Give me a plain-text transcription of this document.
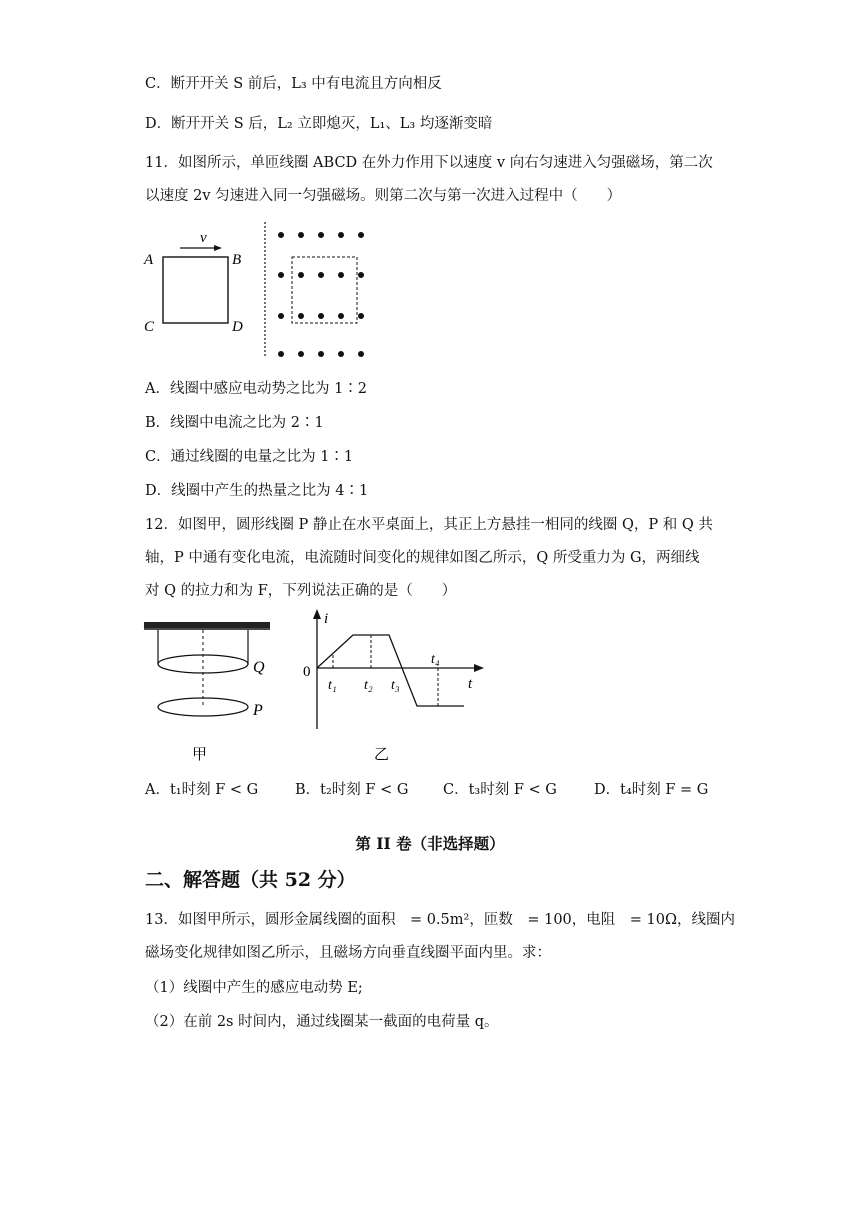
C．断开开关 S 前后，L₃ 中有电流且方向相反
D．断开开关 S 后，L₂ 立即熄灭，L₁、L₃ 均逐渐变暗
11．如图所示，单匝线圈 ABCD 在外力作用下以速度 v 向右匀速进入匀强磁场，第二次
以速度 2v 匀速进入同一匀强磁场。则第二次与第一次进入过程中（　　）
A	B
C	D
v
A．线圈中感应电动势之比为 1∶2
B．线圈中电流之比为 2∶1
C．通过线圈的电量之比为 1∶1
D．线圈中产生的热量之比为 4∶1
12．如图甲，圆形线圈 P 静止在水平桌面上，其正上方悬挂一相同的线圈 Q，P 和 Q 共
轴，P 中通有变化电流，电流随时间变化的规律如图乙所示，Q 所受重力为 G，两细线
对 Q 的拉力和为 F，下列说法正确的是（　　）
Q
P
甲
i
t
0
t₁ t₂ t₃
t₄
乙
A．t₁时刻 F < G	B．t₂时刻 F < G C．t₃时刻 F < G	D．t₄时刻 F = G
第 II 卷（非选择题）
二、解答题（共 52 分）
13．如图甲所示，圆形金属线圈的面积　= 0.5m²，匝数　= 100，电阻　= 10Ω，线圈内
磁场变化规律如图乙所示，且磁场方向垂直线圈平面内里。求：
（1）线圈中产生的感应电动势 E;
（2）在前 2s 时间内，通过线圈某一截面的电荷量 q。
